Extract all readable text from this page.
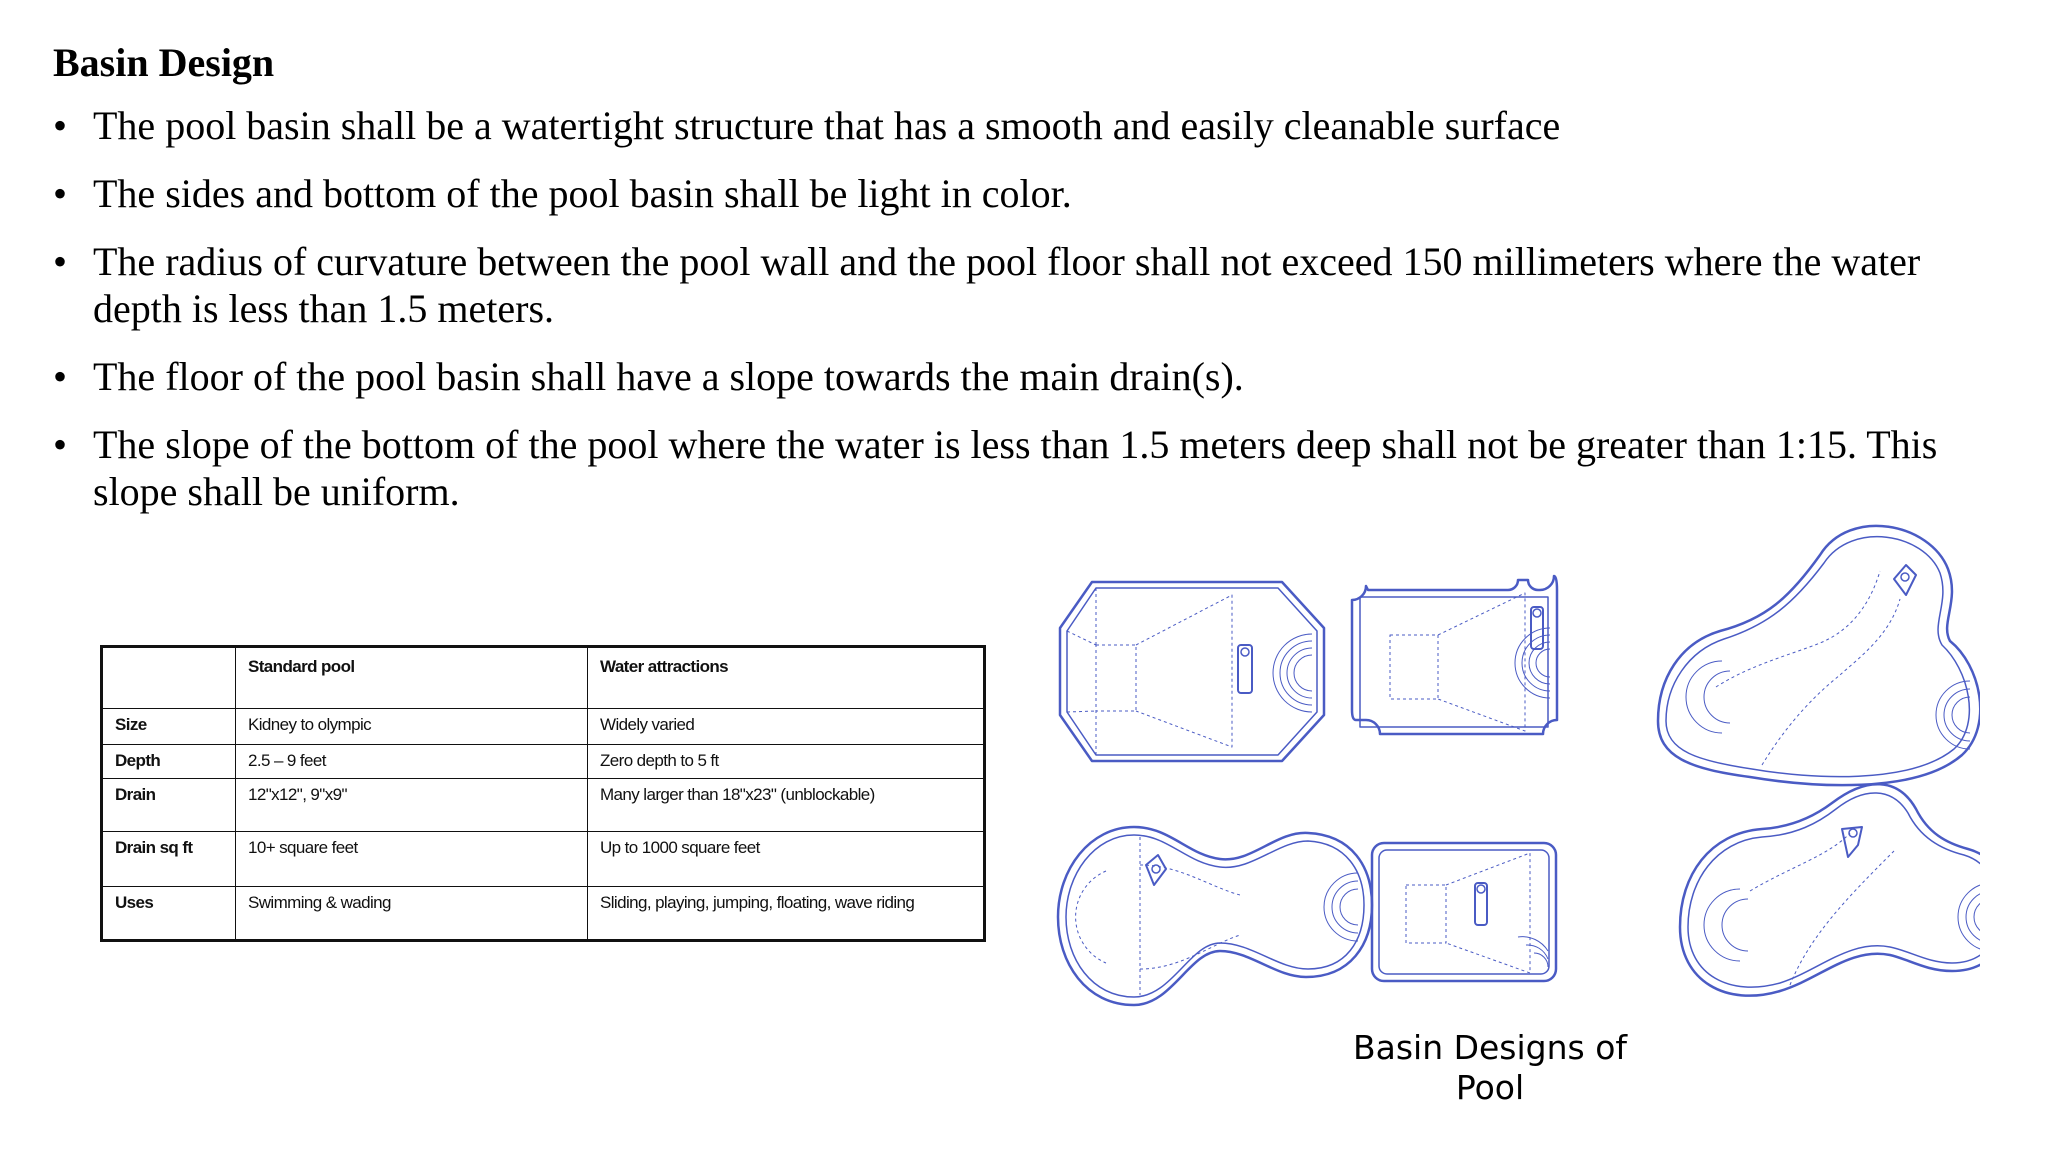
Basin Design
• The pool basin shall be a watertight structure that has a smooth and easily cleanable surface
• The sides and bottom of the pool basin shall be light in color.
• The radius of curvature between the pool wall and the pool floor shall not exceed 150 millimeters where the water depth is less than 1.5 meters.
• The floor of the pool basin shall have a slope towards the main drain(s).
• The slope of the bottom of the pool where the water is less than 1.5 meters deep shall not be greater than 1:15. This slope shall be uniform.
	Standard pool	Water attractions
Size	Kidney to olympic	Widely varied
Depth	2.5 – 9 feet	Zero depth to 5 ft
Drain	12"x12", 9"x9"	Many larger than 18"x23" (unblockable)
Drain sq ft	10+ square feet	Up to 1000 square feet
Uses	Swimming & wading	Sliding, playing, jumping, floating, wave riding
Basin Designs of Pool
